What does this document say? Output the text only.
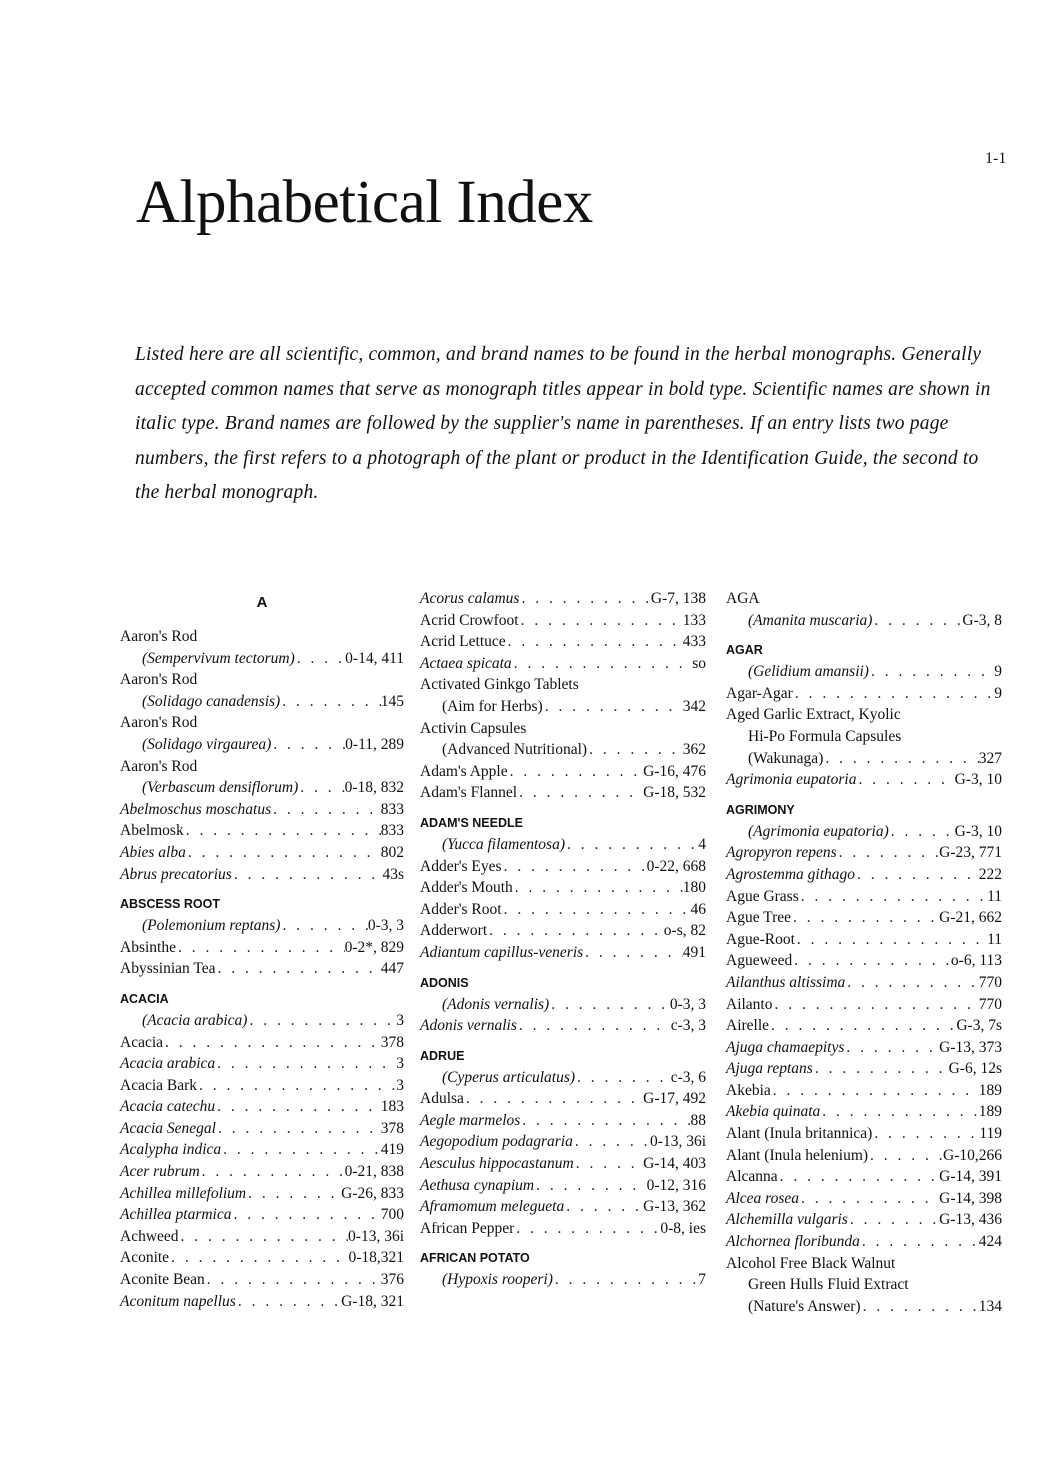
1-1
Alphabetical Index

Listed here are all scientific, common, and brand names to be found in the herbal monographs. Generally accepted common names that serve as monograph titles appear in bold type. Scientific names are shown in italic type. Brand names are followed by the supplier's name in parentheses. If an entry lists two page numbers, the first refers to a photograph of the plant or product in the Identification Guide, the second to the herbal monograph.

A
Aaron's Rod
(Sempervivum tectorum) . . .	0-14, 411
Aaron's Rod
(Solidago canadensis) . . .	145
Aaron's Rod
(Solidago virgaurea) . . .	0-11, 289
Aaron's Rod
(Verbascum densiflorum) . . .	0-18, 832
Abelmoschus moschatus . . .	833
Abelmosk . . .	833
Abies alba . . .	802
Abrus precatorius . . .	43s
ABSCESS ROOT
(Polemonium reptans) . . .	0-3, 3
Absinthe . . .	0-2*, 829
Abyssinian Tea . . .	447
ACACIA
(Acacia arabica) . . .	3
Acacia . . .	378
Acacia arabica . . .	3
Acacia Bark . . .	3
Acacia catechu . . .	183
Acacia Senegal . . .	378
Acalypha indica . . .	419
Acer rubrum . . .	0-21, 838
Achillea millefolium . . .	G-26, 833
Achillea ptarmica . . .	700
Achweed . . .	0-13, 36i
Aconite . . .	0-18,321
Aconite Bean . . .	376
Aconitum napellus . . .	G-18, 321
Acorus calamus . . .	G-7, 138
Acrid Crowfoot . . .	133
Acrid Lettuce . . .	433
Actaea spicata . . .	so
Activated Ginkgo Tablets
(Aim for Herbs) . . .	342
Activin Capsules
(Advanced Nutritional) . . .	362
Adam's Apple . . .	G-16, 476
Adam's Flannel . . .	G-18, 532
ADAM'S NEEDLE
(Yucca filamentosa) . . .	4
Adder's Eyes . . .	0-22, 668
Adder's Mouth . . .	180
Adder's Root . . .	46
Adderwort . . .	o-s, 82
Adiantum capillus-veneris . . .	491
ADONIS
(Adonis vernalis) . . .	0-3, 3
Adonis vernalis . . .	c-3, 3
ADRUE
(Cyperus articulatus) . . .	c-3, 6
Adulsa . . .	G-17, 492
Aegle marmelos . . .	88
Aegopodium podagraria . . .	0-13, 36i
Aesculus hippocastanum . . .	G-14, 403
Aethusa cynapium . . .	0-12, 316
Aframomum melegueta . . .	G-13, 362
African Pepper . . .	0-8, ies
AFRICAN POTATO
(Hypoxis rooperi) . . .	7
AGA
(Amanita muscaria) . . .	G-3, 8
AGAR
(Gelidium amansii) . . .	9
Agar-Agar . . .	9
Aged Garlic Extract, Kyolic
Hi-Po Formula Capsules
(Wakunaga) . . .	327
Agrimonia eupatoria . . .	G-3, 10
AGRIMONY
(Agrimonia eupatoria) . . .	G-3, 10
Agropyron repens . . .	G-23, 771
Agrostemma githago . . .	222
Ague Grass . . .	11
Ague Tree . . .	G-21, 662
Ague-Root . . .	11
Agueweed . . .	o-6, 113
Ailanthus altissima . . .	770
Ailanto . . .	770
Airelle . . .	G-3, 7s
Ajuga chamaepitys . . .	G-13, 373
Ajuga reptans . . .	G-6, 12s
Akebia . . .	189
Akebia quinata . . .	189
Alant (Inula britannica) . . .	119
Alant (Inula helenium) . . .	G-10,266
Alcanna . . .	G-14, 391
Alcea rosea . . .	G-14, 398
Alchemilla vulgaris . . .	G-13, 436
Alchornea floribunda . . .	424
Alcohol Free Black Walnut
Green Hulls Fluid Extract
(Nature's Answer) . . .	134
